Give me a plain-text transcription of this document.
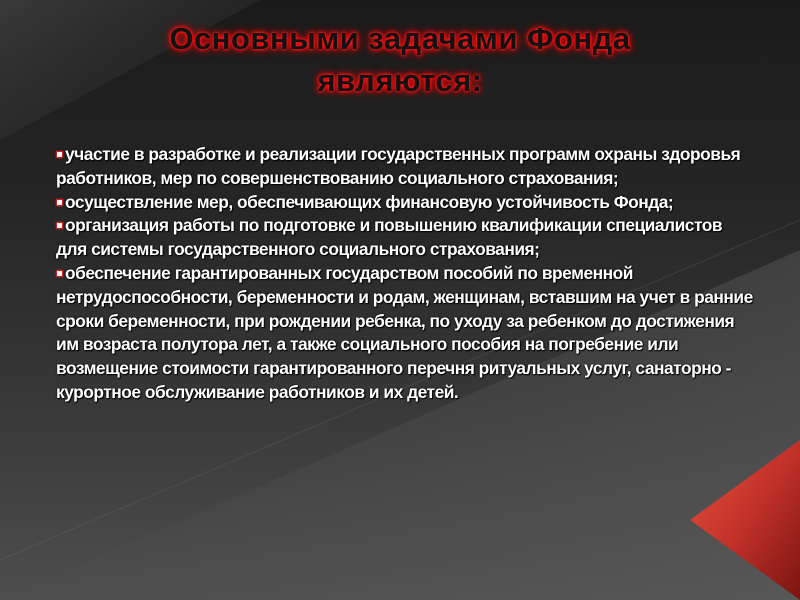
Основными задачами Фонда
являются:

участие в разработке и реализации государственных программ охраны здоровья работников, мер по совершенствованию социального страхования;

осуществление мер, обеспечивающих финансовую устойчивость Фонда;

организация работы по подготовке и повышению квалификации специалистов для системы государственного социального страхования;

обеспечение гарантированных государством пособий по временной нетрудоспособности, беременности и родам, женщинам, вставшим на учет в ранние сроки беременности, при рождении ребенка, по уходу за ребенком до достижения им возраста полутора лет, а также социального пособия на погребение или возмещение стоимости гарантированного перечня ритуальных услуг, санаторно - курортное обслуживание работников и их детей.
